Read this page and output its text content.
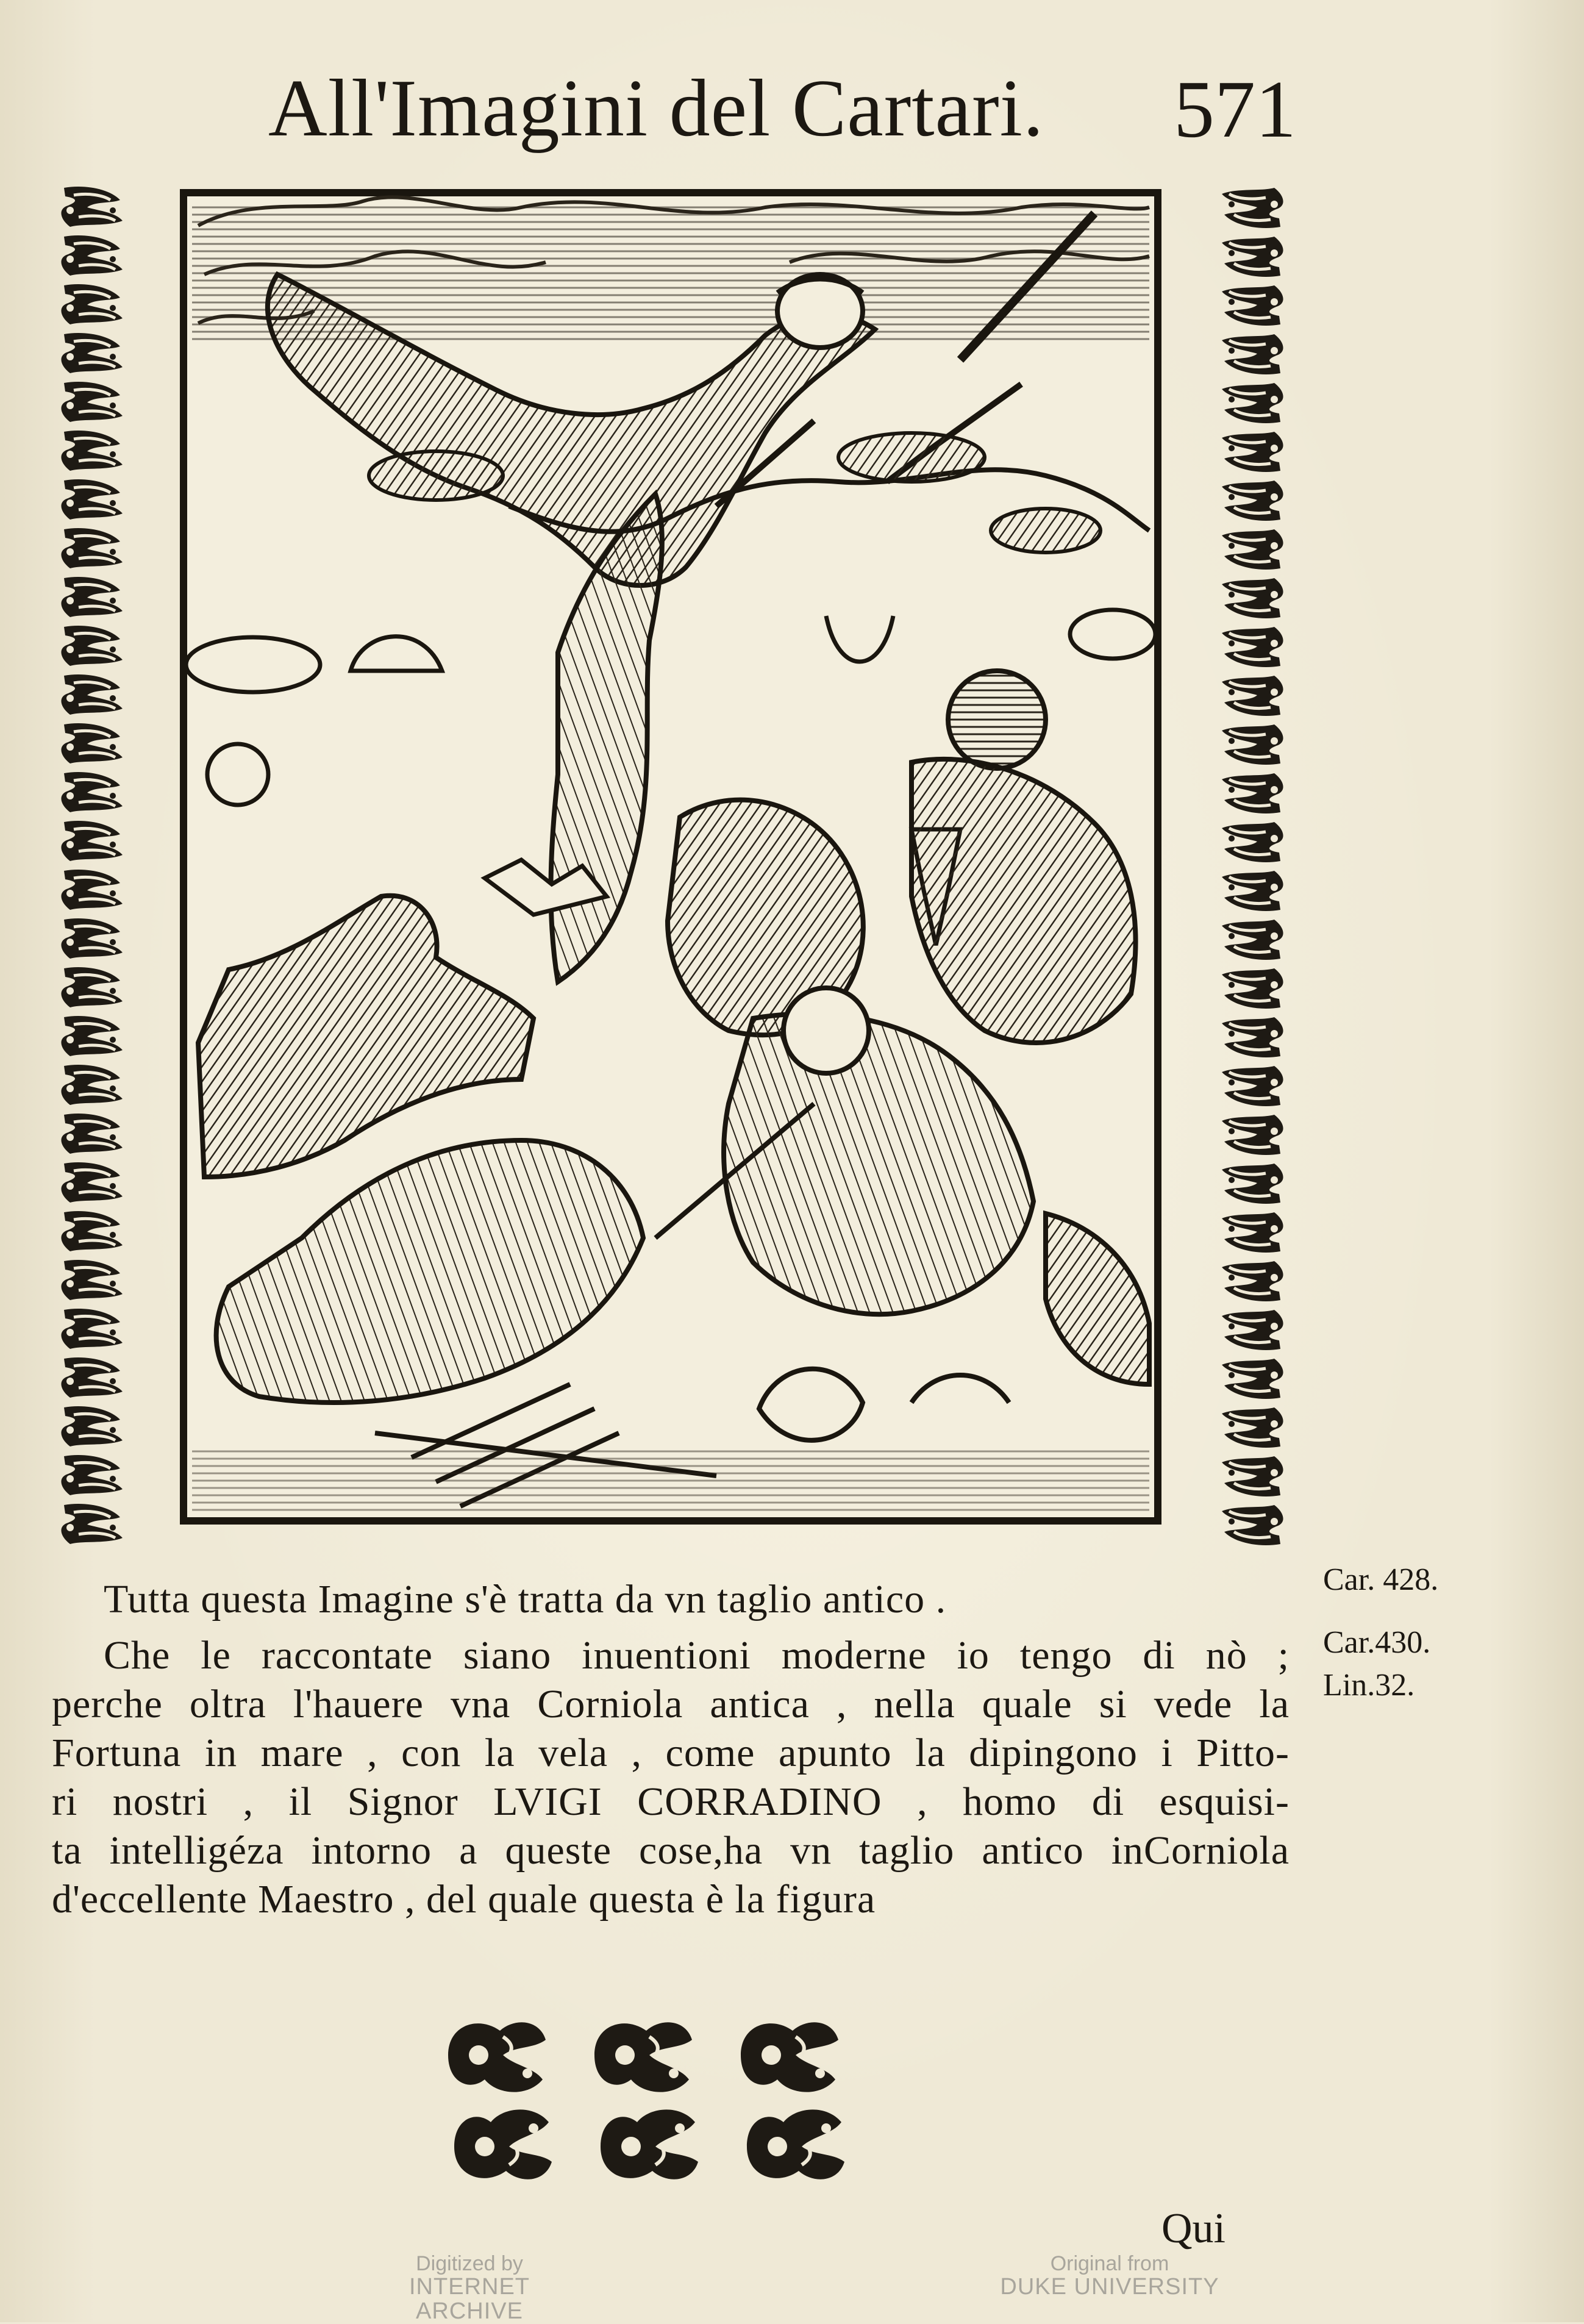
All'Imagini del Cartari. 571
Car. 428.
Car.430.
Lin.32.
Tutta questa Imagine s'è tratta da vn taglio antico .
Che le raccontate siano inuentioni moderne io tengo di nò ;
perche oltra l'hauere vna Corniola antica , nella quale si vede la
Fortuna in mare , con la vela , come apunto la dipingono i Pitto-
ri nostri , il Signor LVIGI CORRADINO , homo di esquisi-
ta intelligéza intorno a queste cose,ha vn taglio antico inCorniola
d'eccellente Maestro , del quale questa è la figura
Qui
Digitized by
INTERNET ARCHIVE
Original from
DUKE UNIVERSITY
